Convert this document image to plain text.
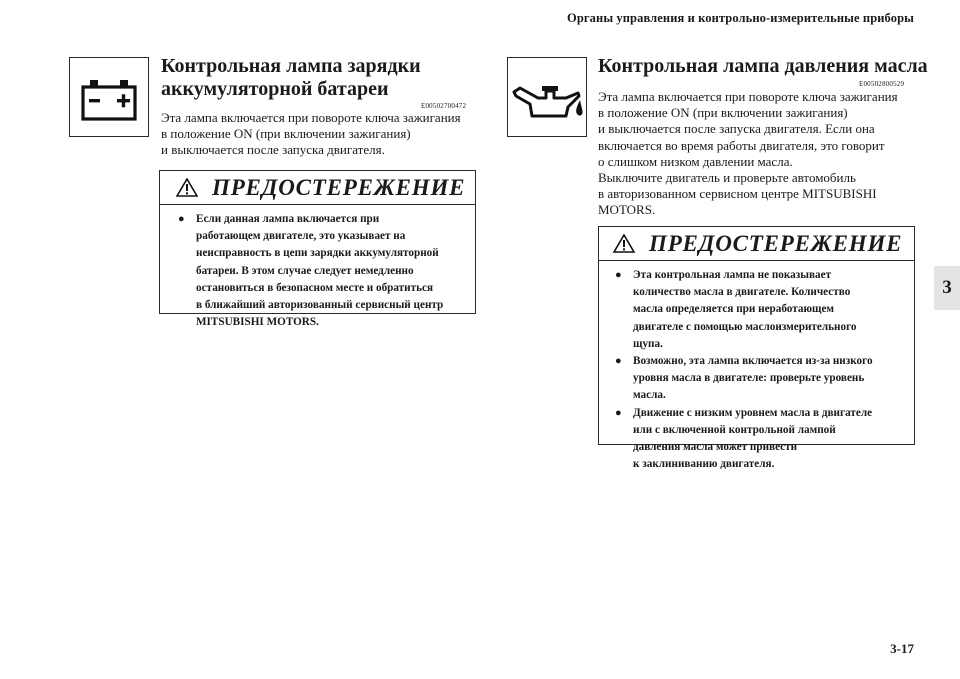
Органы управления и контрольно-измерительные приборы
3
Контрольная лампа зарядки
аккумуляторной батареи
E00502700472
Эта лампа включается при повороте ключа зажигания
в положение ON (при включении зажигания)
и выключается после запуска двигателя.
ПРЕДОСТЕРЕЖЕНИЕ
●	Если данная лампа включается при
работающем двигателе, это указывает на
неисправность в цепи зарядки аккумуляторной
батареи. В этом случае следует немедленно
остановиться в безопасном месте и обратиться
в ближайший авторизованный сервисный центр
MITSUBISHI MOTORS.
Контрольная лампа давления масла
E00502800529
Эта лампа включается при повороте ключа зажигания
в положение ON (при включении зажигания)
и выключается после запуска двигателя. Если она
включается во время работы двигателя, это говорит
о слишком низком давлении масла.
Выключите двигатель и проверьте автомобиль
в авторизованном сервисном центре MITSUBISHI
MOTORS.
ПРЕДОСТЕРЕЖЕНИЕ
●	Эта контрольная лампа не показывает
количество масла в двигателе. Количество
масла определяется при неработающем
двигателе с помощью маслоизмерительного
щупа.
●	Возможно, эта лампа включается из-за низкого
уровня масла в двигателе: проверьте уровень
масла.
●	Движение с низким уровнем масла в двигателе
или с включенной контрольной лампой
давления масла может привести
к заклиниванию двигателя.
3-17
